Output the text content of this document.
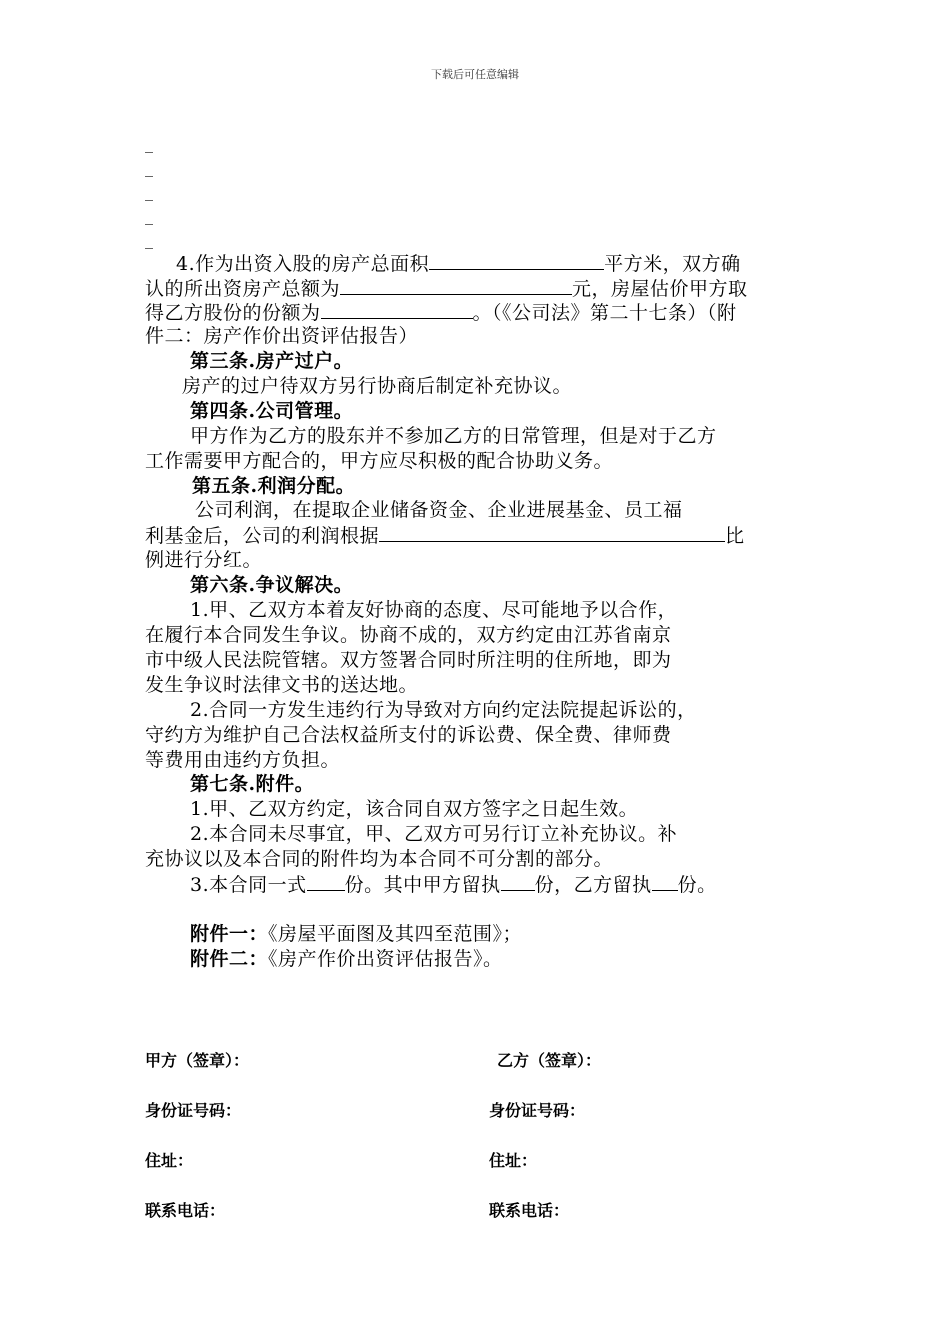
下载后可任意编辑
_
_
_
_
_
4.作为出资入股的房产总面积	平方米，双方确
认的所出资房产总额为	元，房屋估价甲方取
得乙方股份的份额为	。（《公司法》第二十七条）（附
件二：房产作价出资评估报告）
第三条.房产过户。
房产的过户待双方另行协商后制定补充协议。
第四条.公司管理。
甲方作为乙方的股东并不参加乙方的日常管理，但是对于乙方
工作需要甲方配合的，甲方应尽积极的配合协助义务。
第五条.利润分配。
公司利润，在提取企业储备资金、企业进展基金、员工福
利基金后，公司的利润根据	比
例进行分红。
第六条.争议解决。
1.甲、乙双方本着友好协商的态度、尽可能地予以合作，
在履行本合同发生争议。协商不成的，双方约定由江苏省南京
市中级人民法院管辖。双方签署合同时所注明的住所地，即为
发生争议时法律文书的送达地。
2.合同一方发生违约行为导致对方向约定法院提起诉讼的，
守约方为维护自己合法权益所支付的诉讼费、保全费、律师费
等费用由违约方负担。
第七条.附件。
1.甲、乙双方约定，该合同自双方签字之日起生效。
2.本合同未尽事宜，甲、乙双方可另行订立补充协议。补
充协议以及本合同的附件均为本合同不可分割的部分。
3.本合同一式 份。其中甲方留执 份，乙方留执 份。
附件一：《房屋平面图及其四至范围》；
附件二：《房产作价出资评估报告》。
甲方（签章）：	乙方（签章）：
身份证号码：	身份证号码：
住址：	住址：
联系电话：	联系电话：
